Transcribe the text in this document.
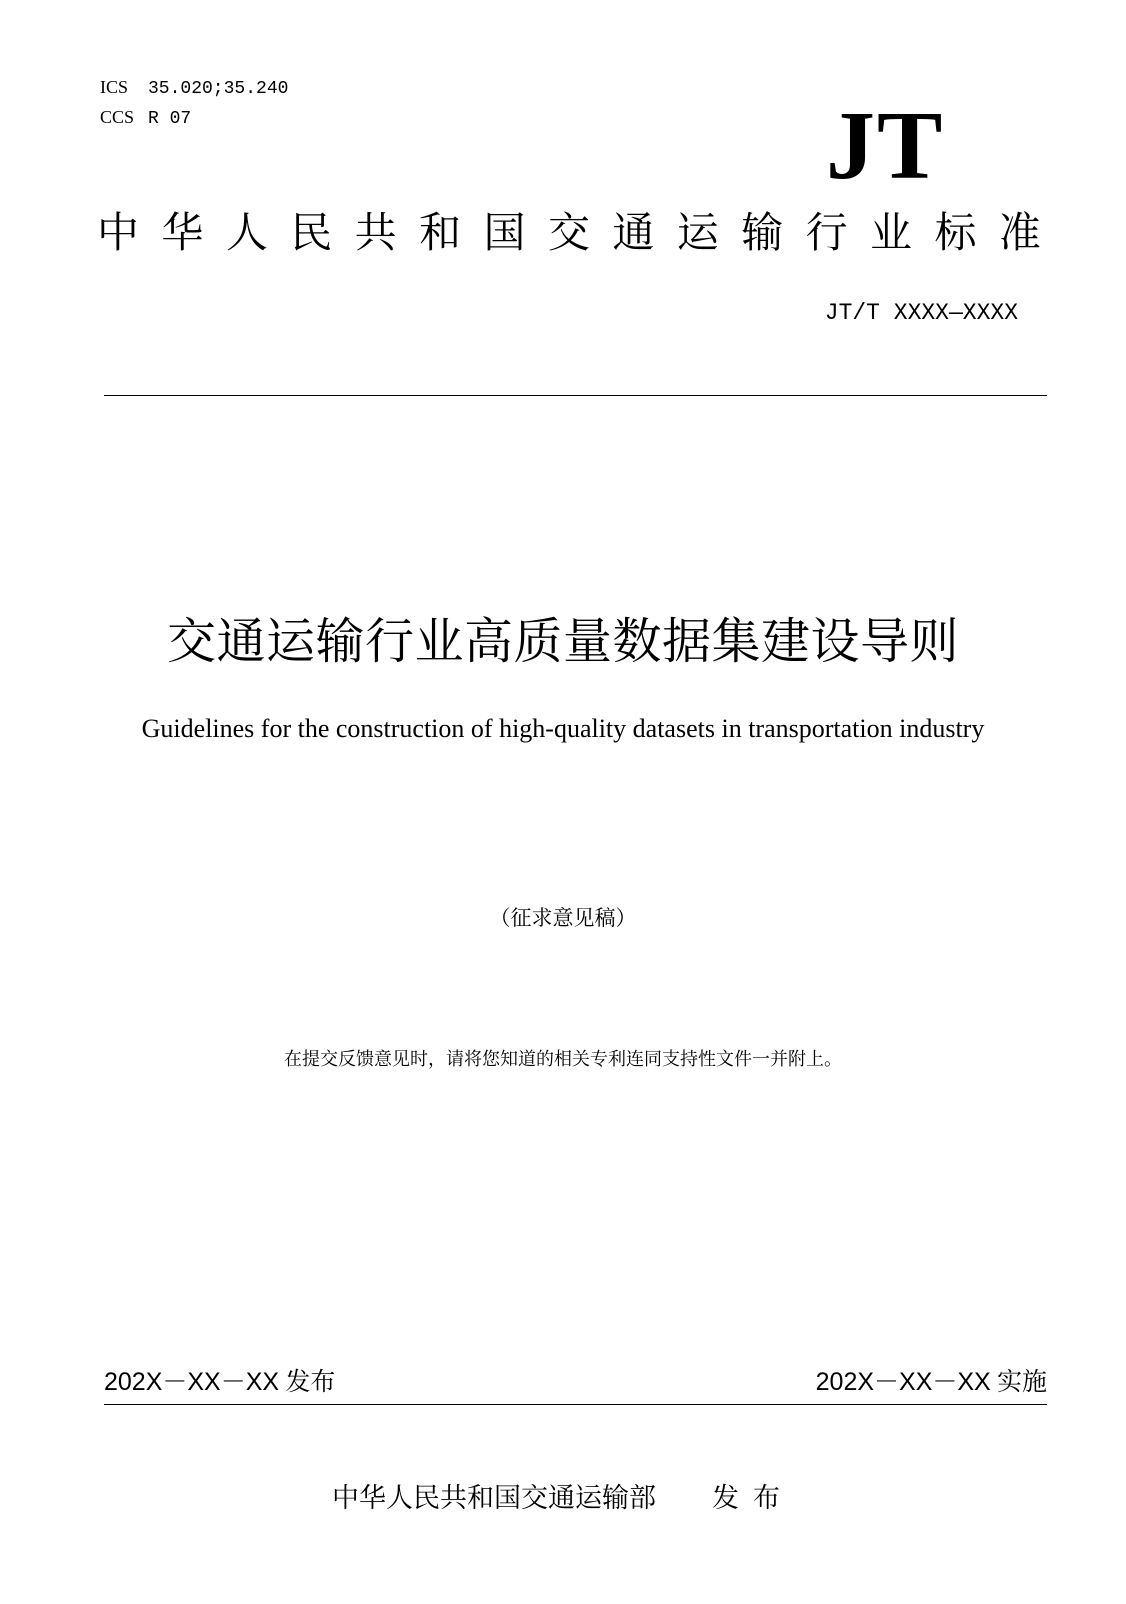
ICS 35.020;35.240
CCS R 07	JT
中 华 人 民 共 和 国 交 通 运 输 行 业 标 准
JT/T XXXX—XXXX
交通运输行业高质量数据集建设导则
Guidelines for the construction of high-quality datasets in transportation industry
（征求意见稿）
在提交反馈意见时，请将您知道的相关专利连同支持性文件一并附上。
202X－XX－XX 发布	202X－XX－XX 实施
中华人民共和国交通运输部 发布
